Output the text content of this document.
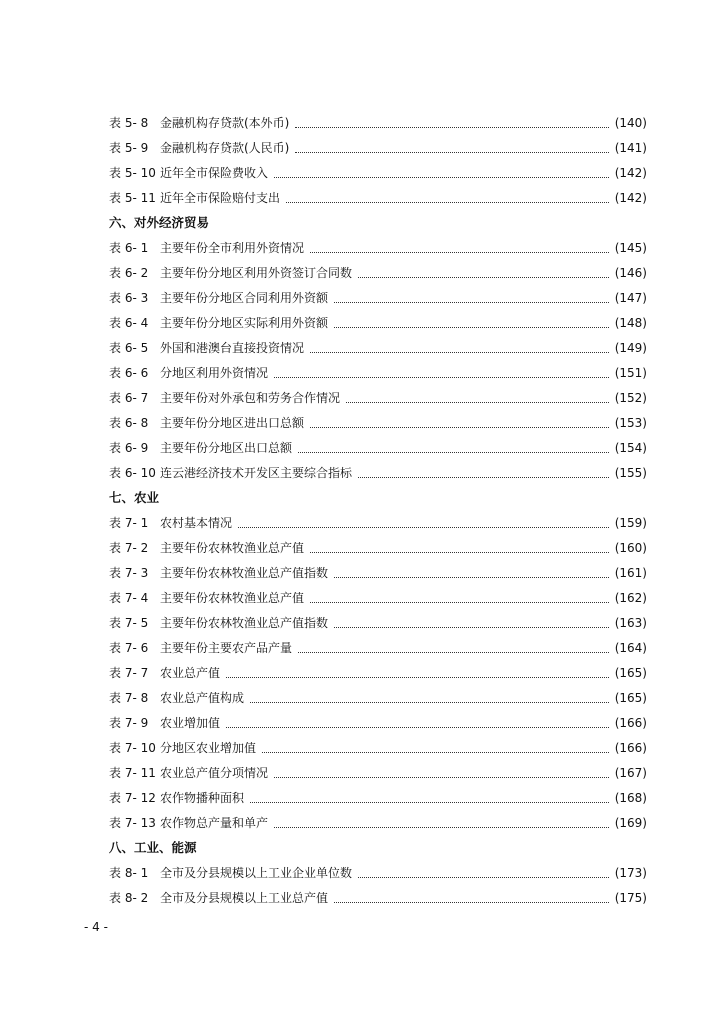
表 5- 8 金融机构存贷款(本外币)	(140)
表 5- 9 金融机构存贷款(人民币)	(141)
表 5- 10 近年全市保险费收入	(142)
表 5- 11 近年全市保险赔付支出	(142)
六、对外经济贸易
表 6- 1 主要年份全市利用外资情况	(145)
表 6- 2 主要年份分地区利用外资签订合同数	(146)
表 6- 3 主要年份分地区合同利用外资额	(147)
表 6- 4 主要年份分地区实际利用外资额	(148)
表 6- 5 外国和港澳台直接投资情况	(149)
表 6- 6 分地区利用外资情况	(151)
表 6- 7 主要年份对外承包和劳务合作情况	(152)
表 6- 8 主要年份分地区进出口总额	(153)
表 6- 9 主要年份分地区出口总额	(154)
表 6- 10 连云港经济技术开发区主要综合指标	(155)
七、农业
表 7- 1 农村基本情况	(159)
表 7- 2 主要年份农林牧渔业总产值	(160)
表 7- 3 主要年份农林牧渔业总产值指数	(161)
表 7- 4 主要年份农林牧渔业总产值	(162)
表 7- 5 主要年份农林牧渔业总产值指数	(163)
表 7- 6 主要年份主要农产品产量	(164)
表 7- 7 农业总产值	(165)
表 7- 8 农业总产值构成	(165)
表 7- 9 农业增加值	(166)
表 7- 10 分地区农业增加值	(166)
表 7- 11 农业总产值分项情况	(167)
表 7- 12 农作物播种面积	(168)
表 7- 13 农作物总产量和单产	(169)
八、工业、能源
表 8- 1 全市及分县规模以上工业企业单位数	(173)
表 8- 2 全市及分县规模以上工业总产值	(175)
- 4 -
